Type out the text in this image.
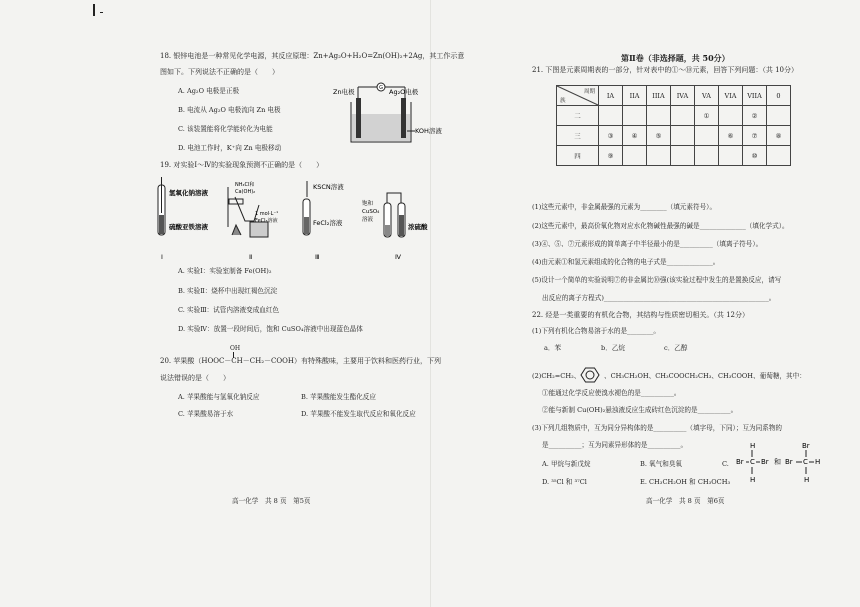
18. 银锌电池是一种常见化学电源，其反应原理：Zn+Ag₂O+H₂O=Zn(OH)₂+2Ag，其工作示意
图如下。下列说法不正确的是（　　）
A. Ag₂O 电极是正极
B. 电流从 Ag₂O 电极流向 Zn 电极
C. 该装置能将化学能转化为电能
D. 电池工作时，K⁺向 Zn 电极移动
G
Zn电极	Ag₂O电极
KOH溶液
19. 对实验Ⅰ～Ⅳ的实验现象预测不正确的是（　　）
氢氧化钠溶液
硫酸亚铁溶液
Ⅰ
NH₄Cl和
Ca(OH)₂
1 mol·L⁻¹
FeCl₃溶液
Ⅱ
KSCN溶液
FeCl₂溶液
Ⅲ
饱和
CuSO₄
溶液
浓硫酸
Ⅳ
A. 实验Ⅰ：实验室制备 Fe(OH)₂
B. 实验Ⅱ：烧杯中出现红褐色沉淀
C. 实验Ⅲ：试管内溶液变成血红色
D. 实验Ⅳ：放置一段时间后，饱和 CuSO₄溶液中出现蓝色晶体
OH
20. 苹果酸（HOOC－CH－CH₂－COOH）有特殊酸味，主要用于饮料和医药行业，下列
说法错误的是（　　）
A. 苹果酸能与氢氧化钠反应	B. 苹果酸能发生酯化反应
C. 苹果酸易溶于水	D. 苹果酸不能发生取代反应和氧化反应
高一化学　共 8 页　第5页
第Ⅱ卷（非选择题，共 50分）
21. 下图是元素周期表的一部分，针对表中的①～⑩元素，回答下列问题：（共 10分）
周期
族	IA	IIA	IIIA	IVA	VA	VIA	VIIA	0
二					①		②	
三	③	④	⑤			⑥	⑦	⑧
四	⑨						⑩	
(1)这些元素中，非金属最强的元素为________（填元素符号）。
(2)这些元素中，最高价氧化物对应水化物碱性最强的碱是______________（填化学式）。
(3)④、⑤、⑦元素形成的简单离子中半径最小的是__________（填离子符号）。
(4)由元素①和氢元素组成的化合物的电子式是______________。
(5)设计一个简单的实验说明⑦的非金属比⑩强(该实验过程中发生的是置换反应，请写
出反应的离子方程式)__________________________________________________。
22. 烃是一类重要的有机化合物，其结构与性质密切相关。（共 12分）
(1)下列有机化合物易溶于水的是________。
a．苯	b．乙烷	c．乙醇
(2)CH₂=CH₂、	、CH₃CH₂OH、CH₃COOCH₂CH₃、CH₃COOH、葡萄糖，其中：
①能通过化学反应使溴水褪色的是__________。
②能与新制 Cu(OH)₂悬浊液反应生成砖红色沉淀的是__________。
(3)下列几组物质中，互为同分异构体的是__________（填字母，下同）；互为同系物的
是__________；互为同素异形体的是__________。
A. 甲烷与新戊烷	B. 氧气和臭氧	C.
D. ³⁵Cl 和 ³⁷Cl	E. CH₃CH₂OH 和 CH₃OCH₃
H
Br C Br
H
和
Br
Br C H
H
高一化学　共 8 页　第6页
